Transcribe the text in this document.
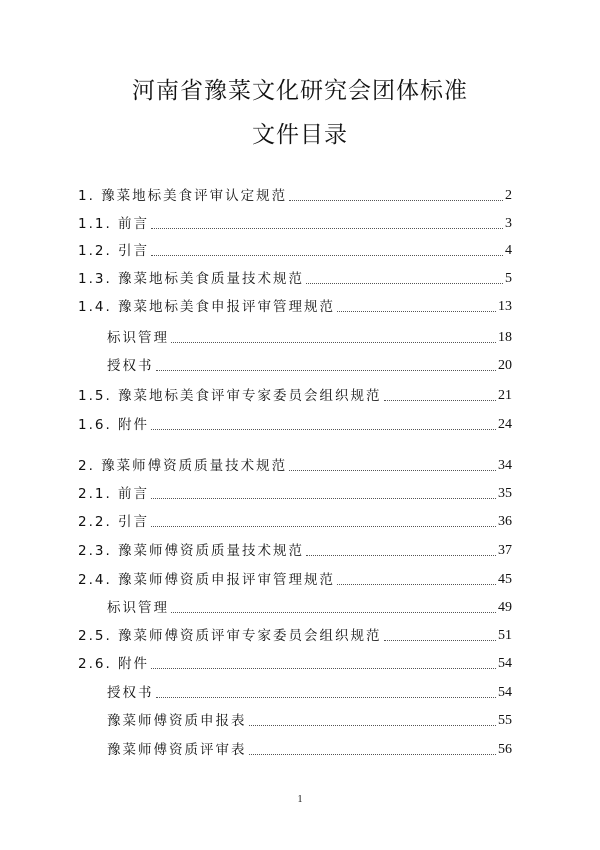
河南省豫菜文化研究会团体标准
文件目录
1. 豫菜地标美食评审认定规范	2
1.1. 前言	3
1.2. 引言	4
1.3. 豫菜地标美食质量技术规范	5
1.4. 豫菜地标美食申报评审管理规范	13
标识管理	18
授权书	20
1.5. 豫菜地标美食评审专家委员会组织规范	21
1.6. 附件	24
2. 豫菜师傅资质质量技术规范	34
2.1. 前言	35
2.2. 引言	36
2.3. 豫菜师傅资质质量技术规范	37
2.4. 豫菜师傅资质申报评审管理规范	45
标识管理	49
2.5. 豫菜师傅资质评审专家委员会组织规范	51
2.6. 附件	54
授权书	54
豫菜师傅资质申报表	55
豫菜师傅资质评审表	56
1
